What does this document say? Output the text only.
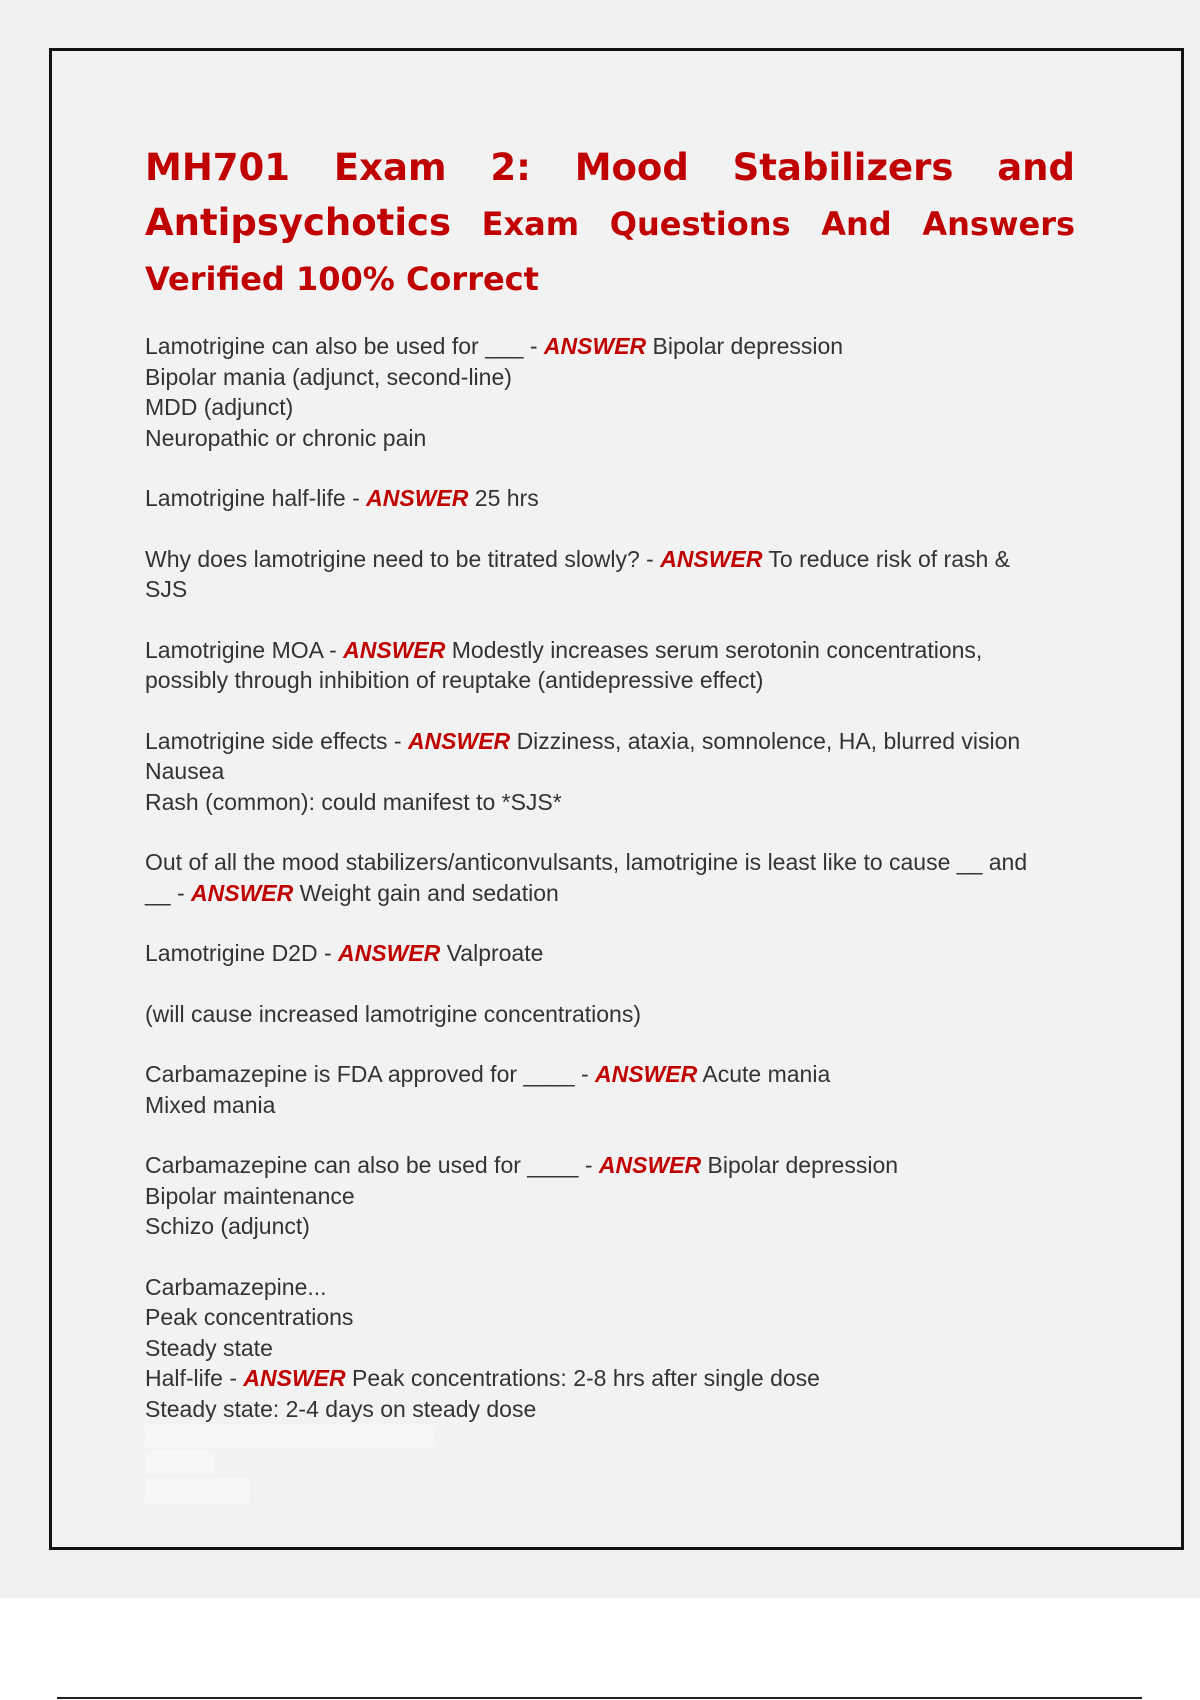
MH701 Exam 2: Mood Stabilizers and
Antipsychotics Exam Questions And Answers
Verified 100% Correct
Lamotrigine can also be used for ___ - ANSWER Bipolar depression
Bipolar mania (adjunct, second-line)
MDD (adjunct)
Neuropathic or chronic pain
Lamotrigine half-life - ANSWER 25 hrs
Why does lamotrigine need to be titrated slowly? - ANSWER To reduce risk of rash &
SJS
Lamotrigine MOA - ANSWER Modestly increases serum serotonin concentrations,
possibly through inhibition of reuptake (antidepressive effect)
Lamotrigine side effects - ANSWER Dizziness, ataxia, somnolence, HA, blurred vision
Nausea
Rash (common): could manifest to *SJS*
Out of all the mood stabilizers/anticonvulsants, lamotrigine is least like to cause __ and
__ - ANSWER Weight gain and sedation
Lamotrigine D2D - ANSWER Valproate
(will cause increased lamotrigine concentrations)
Carbamazepine is FDA approved for ____ - ANSWER Acute mania
Mixed mania
Carbamazepine can also be used for ____ - ANSWER Bipolar depression
Bipolar maintenance
Schizo (adjunct)
Carbamazepine...
Peak concentrations
Steady state
Half-life - ANSWER Peak concentrations: 2-8 hrs after single dose
Steady state: 2-4 days on steady dose
